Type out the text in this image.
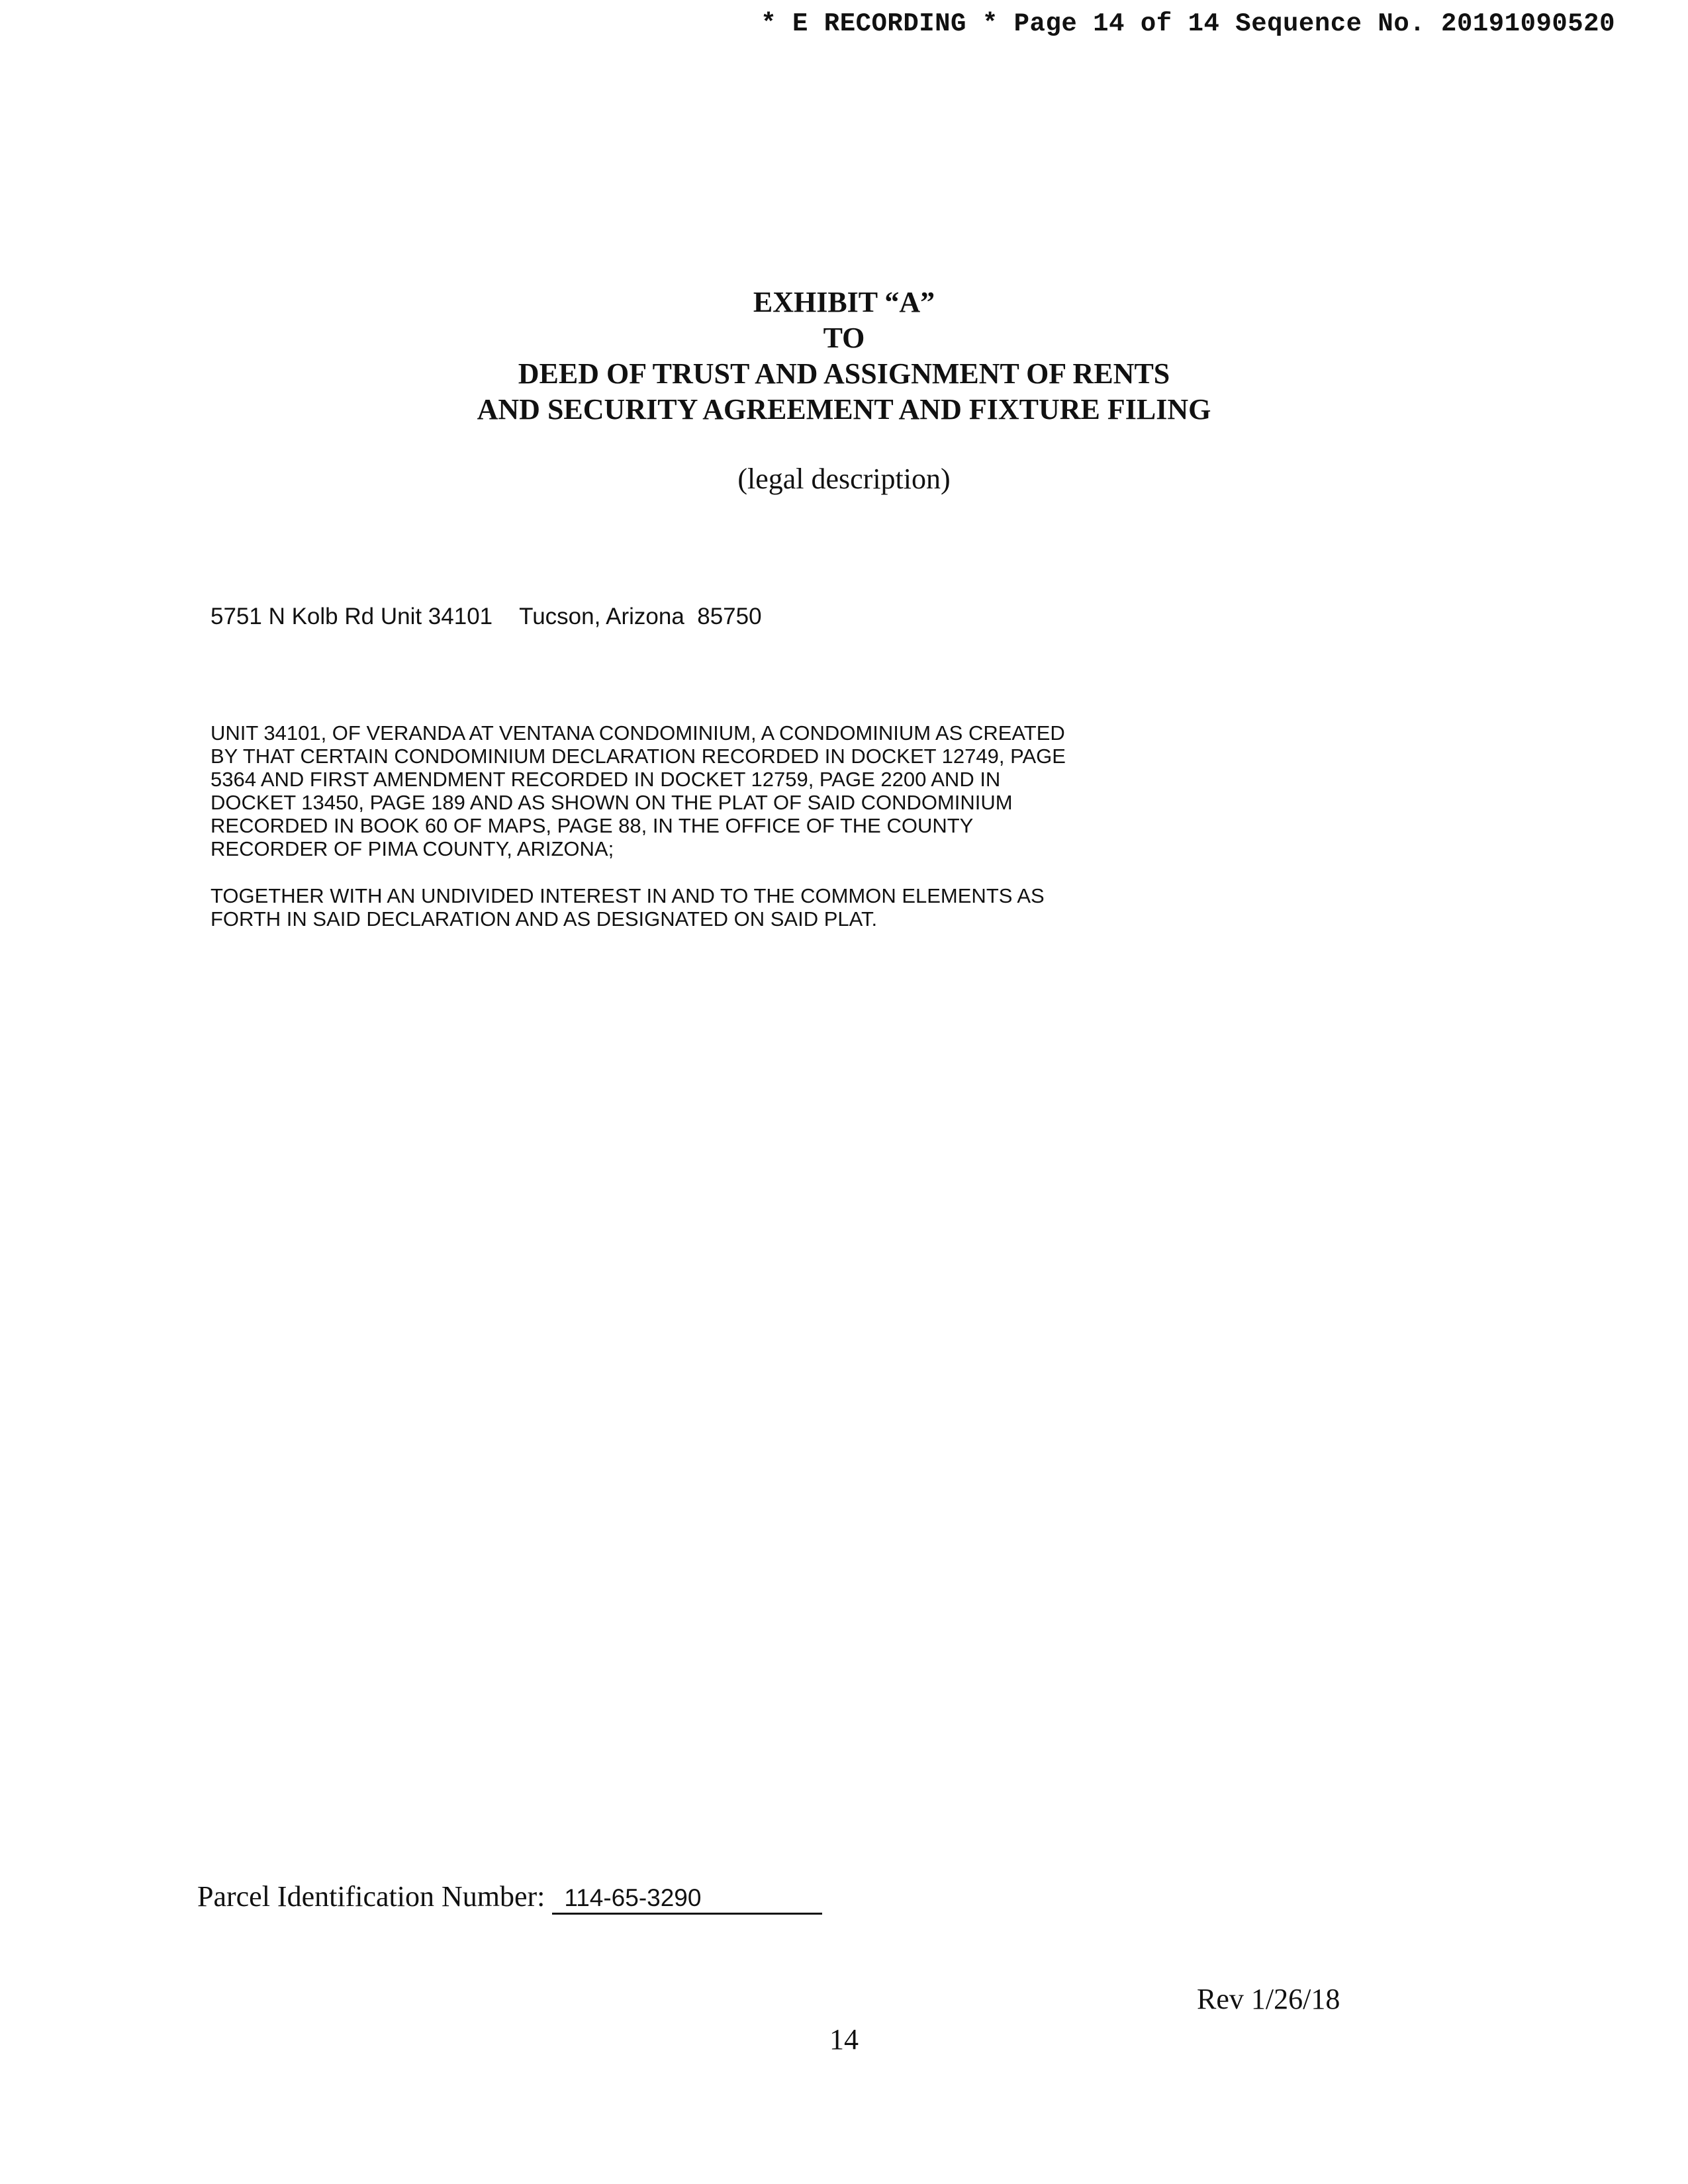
* E RECORDING * Page 14 of 14 Sequence No. 20191090520
EXHIBIT “A”
TO
DEED OF TRUST AND ASSIGNMENT OF RENTS
AND SECURITY AGREEMENT AND FIXTURE FILING
(legal description)
5751 N Kolb Rd Unit 34101 Tucson, Arizona  85750

UNIT 34101, OF VERANDA AT VENTANA CONDOMINIUM, A CONDOMINIUM AS CREATED
BY THAT CERTAIN CONDOMINIUM DECLARATION RECORDED IN DOCKET 12749, PAGE
5364 AND FIRST AMENDMENT RECORDED IN DOCKET 12759, PAGE 2200 AND IN
DOCKET 13450, PAGE 189 AND AS SHOWN ON THE PLAT OF SAID CONDOMINIUM
RECORDED IN BOOK 60 OF MAPS, PAGE 88, IN THE OFFICE OF THE COUNTY
RECORDER OF PIMA COUNTY, ARIZONA;

TOGETHER WITH AN UNDIVIDED INTEREST IN AND TO THE COMMON ELEMENTS AS
FORTH IN SAID DECLARATION AND AS DESIGNATED ON SAID PLAT.

Parcel Identification Number: 114-65-3290
Rev 1/26/18
14
